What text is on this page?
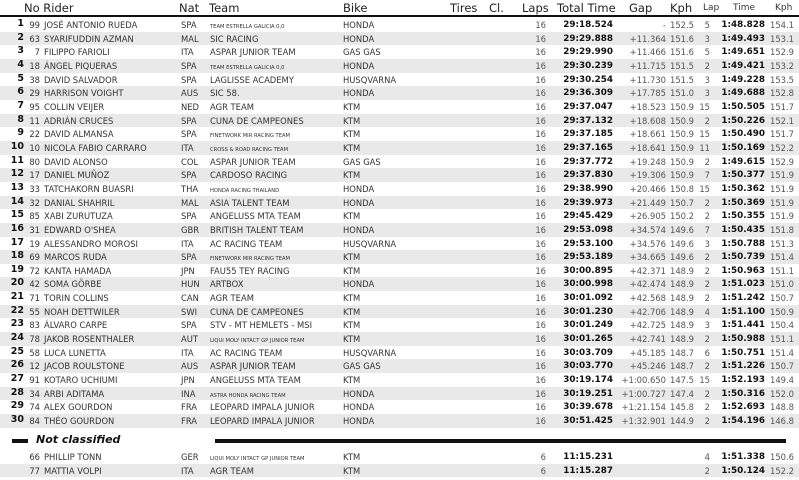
No Rider	Nat Team	Bike	Tires Cl. Laps Total Time Gap Kph Lap Time Kph
1 99 JOSÉ ANTONIO RUEDA	SPA	TEAM ESTRELLA GALICIA 0,0	HONDA	16	29:18.524	- 152.5	5	1:48.828 154.1
2 63 SYARIFUDDIN AZMAN	MAL SIC RACING	HONDA	16	29:29.888	+11.364 151.6	3	1:49.493 153.1
3	7 FILIPPO FARIOLI	ITA ASPAR JUNIOR TEAM	GAS GAS	16	29:29.990	+11.466 151.6	5	1:49.651 152.9
4 18 ÁNGEL PIQUERAS	SPA	TEAM ESTRELLA GALICIA 0,0	HONDA	16	29:30.239	+11.715 151.5	2	1:49.421 153.2
5 38 DAVID SALVADOR	SPA LAGLISSE ACADEMY	HUSQVARNA	16	29:30.254	+11.730 151.5	3	1:49.228 153.5
6 29 HARRISON VOIGHT	AUS SIC 58.	HONDA	16	29:36.309	+17.785 151.0	3	1:49.688 152.8
7 95 COLLIN VEIJER	NED AGR TEAM	KTM	16	29:37.047	+18.523 150.9 15	1:50.505 151.7
8 11 ADRIÁN CRUCES	SPA CUNA DE CAMPEONES	KTM	16	29:37.132	+18.608 150.9	2	1:50.226 152.1
9 22 DAVID ALMANSA	SPA	FINETWORK MIR RACING TEAM	KTM	16	29:37.185	+18.661 150.9 15	1:50.490 151.7
10 10 NICOLA FABIO CARRARO	ITA	CROSS & ROAD RACING TEAM	KTM	16	29:37.165	+18.641 150.9 11	1:50.169 152.2
11 80 DAVID ALONSO	COL ASPAR JUNIOR TEAM	GAS GAS	16	29:37.772	+19.248 150.9	2	1:49.615 152.9
12 17 DANIEL MUÑOZ	SPA CARDOSO RACING	KTM	16	29:37.830	+19.306 150.9	7	1:50.377 151.9
13 33 TATCHAKORN BUASRI	THA HONDA RACING THAILAND	HONDA	16	29:38.990	+20.466 150.8 15	1:50.362 151.9
14 32 DANIAL SHAHRIL	MAL ASIA TALENT TEAM	HONDA	16	29:39.973	+21.449 150.7	2	1:50.369 151.9
15 85 XABI ZURUTUZA	SPA ANGELUSS MTA TEAM	KTM	16	29:45.429	+26.905 150.2	2	1:50.355 151.9
16 31 EDWARD O'SHEA	GBR BRITISH TALENT TEAM	HONDA	16	29:53.098	+34.574 149.6	7	1:50.435 151.8
17 19 ALESSANDRO MOROSI	ITA AC RACING TEAM	HUSQVARNA	16	29:53.100	+34.576 149.6	3	1:50.788 151.3
18 69 MARCOS RUDA	SPA	FINETWORK MIR RACING TEAM	KTM	16	29:53.189	+34.665 149.6	2	1:50.739 151.4
19 72 KANTA HAMADA	JPN FAU55 TEY RACING	KTM	16	30:00.895	+42.371 148.9	2	1:50.963 151.1
20 42 SOMA GÖRBE	HUN ARTBOX	HONDA	16	30:00.998	+42.474 148.9	2	1:51.023 151.0
21 71 TORIN COLLINS	CAN AGR TEAM	KTM	16	30:01.092	+42.568 148.9	2	1:51.242 150.7
22 55 NOAH DETTWILER	SWI CUNA DE CAMPEONES	KTM	16	30:01.230	+42.706 148.9	4	1:51.100 150.9
23 83 ÁLVARO CARPE	SPA STV - MT HEMLETS - MSI	KTM	16	30:01.249	+42.725 148.9	3	1:51.441 150.4
24 78 JAKOB ROSENTHALER	AUT LIQUI MOLY INTACT GP JUNIOR TEAM	KTM	16	30:01.265	+42.741 148.9	2	1:50.988 151.1
25 58 LUCA LUNETTA	ITA AC RACING TEAM	HUSQVARNA	16	30:03.709	+45.185 148.7	6	1:50.751 151.4
26 12 JACOB ROULSTONE	AUS ASPAR JUNIOR TEAM	GAS GAS	16	30:03.770	+45.246 148.7	2	1:51.226 150.7
27 91 KOTARO UCHIUMI	JPN ANGELUSS MTA TEAM	KTM	16	30:19.174	+1:00.650 147.5 15	1:52.193 149.4
28 34 ARBI ADITAMA	INA	ASTRA HONDA RACING TEAM	HONDA	16	30:19.251	+1:00.727 147.4	2	1:50.316 152.0
29 74 ALEX GOURDON	FRA LEOPARD IMPALA JUNIOR	HONDA	16	30:39.678	+1:21.154 145.8	2	1:52.693 148.8
30 84 THÉO GOURDON	FRA LEOPARD IMPALA JUNIOR	HONDA	16	30:51.425	+1:32.901 144.9	2	1:54.196 146.8
Not classified
66 PHILLIP TONN	GER LIQUI MOLY INTACT GP JUNIOR TEAM	KTM	6	11:15.231	4	1:51.338 150.6
77 MATTIA VOLPI	ITA AGR TEAM	KTM	6	11:15.287	2	1:50.124 152.2
